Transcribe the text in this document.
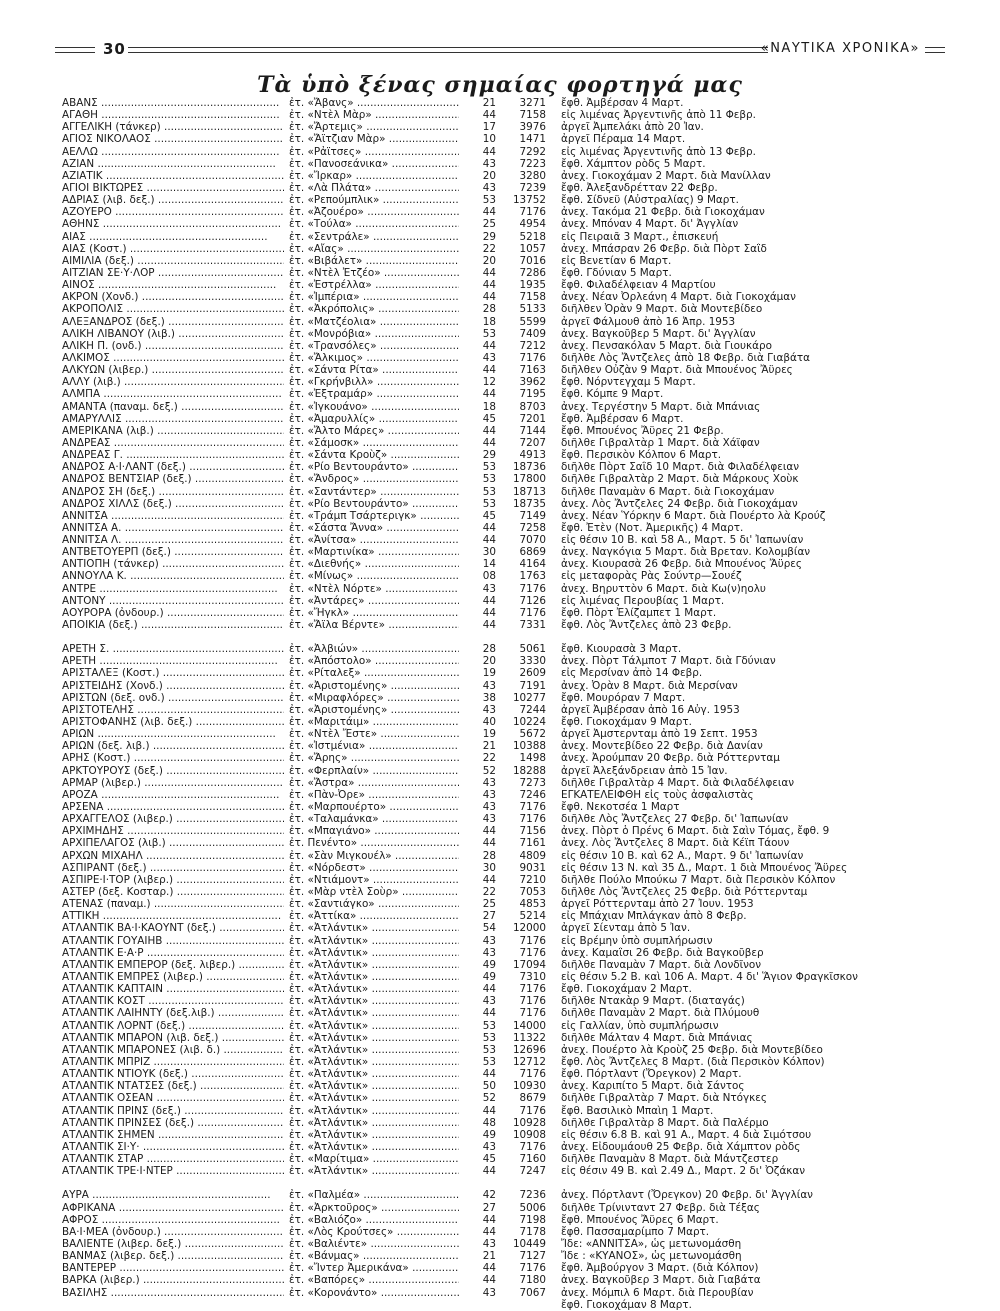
30	«ΝΑΥΤΙΚΑ ΧΡΟΝΙΚΑ»
Τὰ ὑπὸ ξένας σημαίας φορτηγά μας
ΑΒΑΝΣ .....	ἐτ. «Ἄβανς» .....	21	3271 ἔφθ. Ἀμβέρσαν 4 Μαρτ.
ΑΓΑΘΗ .....	ἐτ. «Ντὲλ Μὰρ» .....	44	7158 εἰς λιμένας Ἀργεντινῆς ἀπὸ 11 Φεβρ.
ΑΓΓΕΛΙΚΗ (τάνκερ) .....	ἐτ. «Ἄρτεμις» .....	17	3976 ἀργεῖ Ἀμπελάκι ἀπὸ 20 Ἰαν.
ΑΓΙΟΣ ΝΙΚΟΛΑΟΣ .....	ἐτ. «Ἄϊτζιαν Μὰρ» .....	10	1471 ἀργεῖ Πέραμα 14 Μαρτ.
ΑΕΛΛΩ .....	ἐτ. «Ρἀϊτσες» .....	44	7292 εἰς λιμένας Ἀργεντινῆς ἀπὸ 13 Φεβρ.
ΑΖΙΑΝ .....	ἐτ. «Πανοσεάνικα» .....	43	7223 ἔφθ. Χάμπτον ρὸδς 5 Μαρτ.
ΑΖΙΑΤΙΚ .....	ἐτ. «Ἴρκαρ» .....	20	3280 ἀνεχ. Γιοκοχάμαν 2 Μαρτ. διὰ Μανίλλαν
ΑΓΙΟΙ ΒΙΚΤΩΡΕΣ .....	ἐτ. «Λὰ Πλάτα» .....	43	7239 ἔφθ. Ἀλεξανδρέτταν 22 Φεβρ.
ΑΔΡΙΑΣ (λιβ. δεξ.) .....	ἐτ. «Ρεπούμπλικ» .....	53	13752 ἔφθ. Σίδνεϋ (Αὐστραλίας) 9 Μαρτ.
ΑΖΟΥΕΡΟ .....	ἐτ. «Ἀζουέρο» .....	44	7176 ἀνεχ. Τακόμα 21 Φεβρ. διὰ Γιοκοχάμαν
ΑΘΗΝΣ .....	ἐτ. «Τούλα» .....	25	4954 ἀνεχ. Μπόναν 4 Μαρτ. δι' Ἀγγλίαν
ΑΙΑΣ .....	ἐτ. «Σεντράλε» .....	29	5218 εἰς Πειραιᾶ 3 Μαρτ., ἐπισκευή
ΑΙΑΣ (Κοστ.) .....	ἐτ. «Αἴας» .....	22	1057 ἀνεχ. Μπάσραν 26 Φεβρ. διὰ Πὸρτ Σαΐδ
ΑΙΜΙΛΙΑ (δεξ.) .....	ἐτ. «Βιβάλετ» .....	20	7016 εἰς Βενετίαν 6 Μαρτ.
ΑΙΤΖΙΑΝ ΣΕ·Υ·ΛΟΡ .....	ἐτ. «Ντὲλ Ἐτζέο» .....	44	7286 ἔφθ. Γδύνιαν 5 Μαρτ.
ΑΙΝΟΣ .....	ἐτ. «Ἐστρέλλα» .....	44	1935 ἔφθ. Φιλαδέλφειαν 4 Μαρτίου
ΑΚΡΟΝ (Χονδ.) .....	ἐτ. «Ἰμπέρια» .....	44	7158 ἀνεχ. Νέαν Ὀρλεάνη 4 Μαρτ. διὰ Γιοκοχάμαν
ΑΚΡΟΠΟΛΙΣ .....	ἐτ. «Ἀκρόπολις» .....	28	5133 διῆλθεν Ὀρὰν 9 Μαρτ. διὰ Μοντεβίδεο
ΑΛΕΞΑΝΔΡΟΣ (δεξ.) .....	ἐτ. «Ματζέολια» .....	18	5599 ἀργεῖ Φάλμουθ ἀπὸ 16 Ἀπρ. 1953
ΑΛΙΚΗ ΛΙΒΑΝΟΥ (λιβ.) .....	ἐτ. «Μονρόβια» .....	53	7409 ἀνεχ. Βαγκοῦβερ 5 Μαρτ. δι' Ἀγγλίαν
ΑΛΙΚΗ Π. (ονδ.) .....	ἐτ. «Τρανσόλες» .....	44	7212 ἀνεχ. Πενσακόλαν 5 Μαρτ. διὰ Γιουκάρο
ΑΛΚΙΜΟΣ .....	ἐτ. «Ἄλκιμος» .....	43	7176 διῆλθε Λὸς Ἄντζελες ἀπὸ 18 Φεβρ. διὰ Γιαβάτα
ΑΛΚΥΩΝ (λιβερ.) .....	ἐτ. «Σάντα Ρίτα» .....	44	7163 διῆλθεν Οὐζὰν 9 Μαρτ. διὰ Μπουένος Ἄϋρες
ΑΛΛΥ (λιβ.) .....	ἐτ. «Γκρήνβιλλ» .....	12	3962 ἔφθ. Νόρντεγχαμ 5 Μαρτ.
ΑΛΜΠΑ .....	ἐτ. «Ἐξτραμάρ» .....	44	7195 ἔφθ. Κόμπε 9 Μαρτ.
ΑΜΑΝΤΑ (παναμ. δεξ.) .....	ἐτ. «Ἰγκουάνο» .....	18	8703 ἀνεχ. Τεργέστην 5 Μαρτ. διὰ Μπάνιας
ΑΜΑΡΥΛΛΙΣ .....	ἐτ. «Ἀμαρυλλίς» .....	45	7201 ἔφθ. Ἀμβέρσαν 6 Μαρτ.
ΑΜΕΡΙΚΑΝΑ (λιβ.) .....	ἐτ. «Ἄλτο Μάρες» .....	44	7144 ἔφθ. Μπουένος Ἄϋρες 21 Φεβρ.
ΑΝΔΡΕΑΣ .....	ἐτ. «Σάμοσκ» .....	44	7207 διῆλθε Γιβραλτὰρ 1 Μαρτ. διὰ Χάϊφαν
ΑΝΔΡΕΑΣ Γ. .....	ἐτ. «Σάντα Κροὺζ» .....	29	4913 ἔφθ. Περσικὸν Κόλπον 6 Μαρτ.
ΑΝΔΡΟΣ Α·Ι·ΛΑΝΤ (δεξ.) .....	ἐτ. «Ρίο Βεντουράντο» .....	53	18736 διῆλθε Πὸρτ Σαΐδ 10 Μαρτ. διὰ Φιλαδέλφειαν
ΑΝΔΡΟΣ ΒΕΝΤΣΙΑΡ (δεξ.) .....	ἐτ. «Ἄνδρος» .....	53	17800 διῆλθε Γιβραλτὰρ 2 Μαρτ. διὰ Μάρκους Χοὺκ
ΑΝΔΡΟΣ ΣΗ (δεξ.) .....	ἐτ. «Σαντάντερ» .....	53	18713 διῆλθε Παναμὰν 6 Μαρτ. διὰ Γιοκοχάμαν
ΑΝΔΡΟΣ ΧΙΛΛΣ (δεξ.) .....	ἐτ. «Ρίο Βεντουράντο» .....	53	18735 ἀνεχ. Λὸς Ἄντζελες 24 Φεβρ. διὰ Γιοκοχάμαν
ΑΝΝΙΤΣΑ .....	ἐτ. «Τράμπ Τσάρτεριγκ» .....	45	7149 ἀνεχ. Νέαν Ὑόρκην 6 Μαρτ. διὰ Πουέρτο λὰ Κρούζ
ΑΝΝΙΤΣΑ Α. .....	ἐτ. «Σάστα Ἄννα» .....	44	7258 ἔφθ. Ἐτὲν (Νοτ. Ἀμερικῆς) 4 Μαρτ.
ΑΝΝΙΤΣΑ Λ. .....	ἐτ. «Ἀνίτσα» .....	44	7070 εἰς θέσιν 10 Β. καὶ 58 Α., Μαρτ. 5 δι' Ἰαπωνίαν
ΑΝΤΒΕΤΟΥΕΡΠ (δεξ.) .....	ἐτ. «Μαρτινίκα» .....	30	6869 ἀνεχ. Ναγκόγια 5 Μαρτ. διὰ Βρεταν. Κολομβίαν
ΑΝΤΙΟΠΗ (τάνκερ) .....	ἐτ. «Διεθνής» .....	14	4164 ἀνεχ. Κιουρασὰ 26 Φεβρ. διὰ Μπουένος Ἄϋρες
ΑΝΝΟΥΛΑ Κ. .....	ἐτ. «Μίνως» .....	08	1763 εἰς μεταφορὰς Ρὰς Σούντρ—Σουέζ
ΑΝΤΡΕ .....	ἐτ. «Ντὲλ Νόρτε» .....	43	7176 ἀνεχ. Βηρυττὸν 6 Μαρτ. διὰ Κω(ν)ηολυ
ΑΝΤΟΝΥ .....	ἐτ. «Ἀντάρες» .....	44	7126 εἰς λιμένας Περουβίας 1 Μαρτ.
ΑΟΥΡΟΡΑ (ὀνδουρ.) .....	ἐτ. «Ἤγκλ» .....	44	7176 ἔφθ. Πὸρτ Ἐλίζαμπετ 1 Μαρτ.
ΑΠΟΙΚΙΑ (δεξ.) .....	ἐτ. «Ἄϊλα Βέρντε» .....	44	7331 ἔφθ. Λὸς Ἄντζελες ἀπὸ 23 Φεβρ.
ΑΡΕΤΗ Σ. .....	ἐτ. «Ἀλβιών» .....	28	5061 ἔφθ. Κιουρασὰ 3 Μαρτ.
ΑΡΕΤΗ .....	ἐτ. «Ἀπόστολο» .....	20	3330 ἀνεχ. Πὸρτ Τάλμποτ 7 Μαρτ. διὰ Γδύνιαν
ΑΡΙΣΤΑΛΕΞ (Κοστ.) .....	ἐτ. «Ρίταλεξ» .....	19	2609 εἰς Μερσίναν ἀπὸ 14 Φεβρ.
ΑΡΙΣΤΕΙΔΗΣ (Χονδ.) .....	ἐτ. «Ἀριστομένης» .....	43	7191 ἀνεχ. Ὀρὰν 8 Μαρτ. διὰ Μερσίναν
ΑΡΙΣΤΩΝ (δεξ. ονδ.) .....	ἐτ. «Μιραφλόρες» .....	38	10277 ἔφθ. Μουρόραν 7 Μαρτ.
ΑΡΙΣΤΟΤΕΛΗΣ .....	ἐτ. «Ἀριστομένης» .....	43	7244 ἀργεῖ Ἀμβέρσαν ἀπὸ 16 Αὐγ. 1953
ΑΡΙΣΤΟΦΑΝΗΣ (λιβ. δεξ.) .....	ἐτ. «Μαριτάιμ» .....	40	10224 ἔφθ. Γιοκοχάμαν 9 Μαρτ.
ΑΡΙΩΝ .....	ἐτ. «Ντὲλ Ἔστε» .....	19	5672 ἀργεῖ Ἀμστερνταμ ἀπὸ 19 Σεπτ. 1953
ΑΡΙΩΝ (δεξ. λιβ.) .....	ἐτ. «Ἰστμένια» .....	21	10388 ἀνεχ. Μοντεβίδεο 22 Φεβρ. διὰ Δανίαν
ΑΡΗΣ (Κοστ.) .....	ἐτ. «Ἄρης» .....	22	1498 ἀνεχ. Ἀρούμπαν 20 Φεβρ. διὰ Ρόττερνταμ
ΑΡΚΤΟΥΡΟΥΣ (δεξ.) .....	ἐτ. «Φερπλαίν» .....	52	18288 ἀργεῖ Ἀλεξάνδρειαν ἀπὸ 15 Ἰαν.
ΑΡΜΑΡ (λιβερ.) .....	ἐτ. «Ἄστρα» .....	43	7273 διῆλθε Γιβραλτὰρ 4 Μαρτ. διὰ Φιλαδέλφειαν
ΑΡΟΖΑ .....	ἐτ. «Πὰν-Ὀρε» .....	43	7246 ΕΓΚΑΤΕΛΕΙΦΘΗ εἰς τοὺς ἀσφαλιστὰς
ΑΡΣΕΝΑ .....	ἐτ. «Μαρπουέρτο» .....	43	7176 ἔφθ. Νεκοτσέα 1 Μαρτ
ΑΡΧΑΓΓΕΛΟΣ (λιβερ.) .....	ἐτ. «Ταλαμάνκα» .....	43	7176 διῆλθε Λὸς Ἄντζελες 27 Φεβρ. δι' Ἰαπωνίαν
ΑΡΧΙΜΗΔΗΣ .....	ἐτ. «Μπαγιάνο» .....	44	7156 ἀνεχ. Πὸρτ ὁ Πρένς 6 Μαρτ. διὰ Σαὶν Τόμας, ἔφθ. 9
ΑΡΧΙΠΕΛΑΓΟΣ (λιβ.) .....	ἐτ. Πενέντο» .....	44	7161 ἀνεχ. Λὸς Ἄντζελες 8 Μαρτ. διὰ Κέϊπ Τάουν
ΑΡΧΩΝ ΜΙΧΑΗΛ .....	ἐτ. «Σὰν Μιγκουέλ» .....	28	4809 εἰς θέσιν 10 Β. καὶ 62 Α., Μαρτ. 9 δι' Ἰαπωνίαν
ΑΣΠΙΡΑΝΤ (δεξ.) .....	ἐτ. «Νόρδεστ» .....	30	9031 εἰς θέσιν 13 Ν. καὶ 35 Δ., Μαρτ. 1 διὰ Μπουένος Ἄϋρες
ΑΣΠΙΡΕ·Ι·ΤΟΡ (λιβερ.) .....	ἐτ. «Ντιάμοντ» .....	44	7210 διῆλθε Πούλο Μπούκω 7 Μαρτ. διὰ Περσικὸν Κόλπον
ΑΣΤΕΡ (δεξ. Κοσταρ.) .....	ἐτ. «Μὰρ ντὲλ Σοὺρ» .....	22	7053 διῆλθε Λὸς Ἄντζελες 25 Φεβρ. διὰ Ρόττερνταμ
ΑΤΕΝΑΣ (παναμ.) .....	ἐτ. «Σαντιάγκο» .....	25	4853 ἀργεῖ Ρόττερνταμ ἀπὸ 27 Ἰουν. 1953
ΑΤΤΙΚΗ .....	ἐτ. «Ἀττίκα» .....	27	5214 εἰς Μπάχιαν Μπλάγκαν ἀπὸ 8 Φεβρ.
ΑΤΛΑΝΤΙΚ ΒΑ·Ι·ΚΑΟΥΝΤ (δεξ.) .....	ἐτ. «Ἀτλάντικ» .....	54	12000 ἀργεῖ Σίενταμ ἀπὸ 5 Ἰαν.
ΑΤΛΑΝΤΙΚ ΓΟΥΑΙΗΒ .....	ἐτ. «Ἀτλάντικ» .....	43	7176 εἰς Βρέμην ὑπὸ συμπλήρωσιν
ΑΤΛΑΝΤΙΚ Ε·Α·Ρ .....	ἐτ. «Ἀτλάντικ» .....	43	7176 ἀνεχ. Καμαΐσι 26 Φεβρ. διὰ Βαγκοῦβερ
ΑΤΛΑΝΤΙΚ ΕΜΠΕΡΟΡ (δεξ. λιβερ.) .....	ἐτ. «Ἀτλάντικ» .....	49	17094 διῆλθε Παναμὰν 7 Μαρτ. διὰ Λονδῖνον
ΑΤΛΑΝΤΙΚ ΕΜΠΡΕΣ (λιβερ.) .....	ἐτ. «Ἀτλάντικ» .....	49	7310 εἰς θέσιν 5.2 Β. καὶ 106 Α. Μαρτ. 4 δι' Ἅγιον Φραγκῖσκον
ΑΤΛΑΝΤΙΚ ΚΑΠΤΑΙΝ .....	ἐτ. «Ἀτλάντικ» .....	44	7176 ἔφθ. Γιοκοχάμαν 2 Μαρτ.
ΑΤΛΑΝΤΙΚ ΚΟΣΤ .....	ἐτ. «Ἀτλάντικ» .....	43	7176 διῆλθε Ντακὰρ 9 Μαρτ. (διαταγάς)
ΑΤΛΑΝΤΙΚ ΛΑΙΗΝΤΥ (δεξ.λιβ.) .....	ἐτ. «Ἀτλάντικ» .....	44	7176 διῆλθε Παναμὰν 2 Μαρτ. διὰ Πλύμουθ
ΑΤΛΑΝΤΙΚ ΛΟΡΝΤ (δεξ.) .....	ἐτ. «Ἀτλάντικ» .....	53	14000 εἰς Γαλλίαν, ὑπὸ συμπλήρωσιν
ΑΤΛΑΝΤΙΚ ΜΠΑΡΟΝ (λιβ. δεξ.) .....	ἐτ. «Ἀτλάντικ» .....	53	11322 διῆλθε Μάλταν 4 Μαρτ. διὰ Μπάνιας
ΑΤΛΑΝΤΙΚ ΜΠΑΡΟΝΕΣ (λιβ. δ.) .....	ἐτ. «Ἀτλάντικ» .....	53	12696 ἀνεχ. Πουέρτο λὰ Κροὺζ 25 Φεβρ. διὰ Μοντεβίδεο
ΑΤΛΑΝΤΙΚ ΜΠΡΙΖ .....	ἐτ. «Ἀτλάντικ» .....	53	12712 ἔφθ. Λὸς Ἄντζελες 8 Μαρτ. (διὰ Περσικὸν Κόλπον)
ΑΤΛΑΝΤΙΚ ΝΤΙΟΥΚ (δεξ.) .....	ἐτ. «Ἀτλάντικ» .....	44	7176 ἔφθ. Πόρτλαντ (Ὄρεγκον) 2 Μαρτ.
ΑΤΛΑΝΤΙΚ ΝΤΑΤΣΕΣ (δεξ.) .....	ἐτ. «Ἀτλάντικ» .....	50	10930 ἀνεχ. Καριπίτο 5 Μαρτ. διὰ Σάντος
ΑΤΛΑΝΤΙΚ ΟΣΕΑΝ .....	ἐτ. «Ἀτλάντικ» .....	52	8679 διῆλθε Γιβραλτὰρ 7 Μαρτ. διὰ Ντόγκες
ΑΤΛΑΝΤΙΚ ΠΡΙΝΣ (δεξ.) .....	ἐτ. «Ἀτλάντικ» .....	44	7176 ἔφθ. Βασιλικὸ Μπαὶη 1 Μαρτ.
ΑΤΛΑΝΤΙΚ ΠΡΙΝΣΕΣ (δεξ.) .....	ἐτ. «Ἀτλάντικ» .....	48	10928 διῆλθε Γιβραλτὰρ 8 Μαρτ. διὰ Παλέρμο
ΑΤΛΑΝΤΙΚ ΣΗΜΕΝ .....	ἐτ. «Ἀτλάντικ» .....	49	10908 εἰς θέσιν 6.8 Β. καὶ 91 Α., Μαρτ. 4 διὰ Σιμότσου
ΑΤΛΑΝΤΙΚ ΣΙ·Υ· .....	ἐτ. «Ἀτλάντικ» .....	43	7176 ἀνεχ. Εἰδουμάουθ 25 Φεβρ. διὰ Χάμπτον ρὸδς
ΑΤΛΑΝΤΙΚ ΣΤΑΡ .....	ἐτ. «Μαρίτιμα» .....	45	7160 διῆλθε Παναμὰν 8 Μαρτ. διὰ Μάντζεστερ
ΑΤΛΑΝΤΙΚ ΤΡΕ·Ι·ΝΤΕΡ .....	ἐτ. «Ἀτλάντικ» .....	44	7247 εἰς θέσιν 49 Β. καὶ 2.49 Δ., Μαρτ. 2 δι' Ὀζάκαν
ΑΥΡΑ .....	ἐτ. «Παλμέα» .....	42	7236 ἀνεχ. Πόρτλαντ (Ὄρεγκον) 20 Φεβρ. δι' Ἀγγλίαν
ΑΦΡΙΚΑΝΑ .....	ἐτ. «Ἀρκτοῦρος» .....	27	5006 διῆλθε Τρίνινταντ 27 Φεβρ. διὰ Τέξας
ΑΦΡΟΣ .....	ἐτ. «Βαλιόζο» .....	44	7198 ἔφθ. Μπουένος Ἄϋρες 6 Μαρτ.
ΒΑ·Ι·ΜΕΑ (ὀνδουρ.) .....	ἐτ. «Λὸς Κρούτσες» .....	44	7178 ἔφθ. Πασσαμαρίμπο 7 Μαρτ.
ΒΑΛΙΕΝΤΕ (λιβερ. δεξ.) .....	ἐτ. «Βαλιέντε» .....	43	10449 Ἴδε: «ΑΝΝΙΤΣΑ», ὡς μετωνομάσθη
ΒΑΝΜΑΣ (λιβερ. δεξ.) .....	ἐτ. «Βάνμας» .....	21	7127 Ἴδε : «ΚΥΑΝΟΣ», ὡς μετωνομάσθη
ΒΑΝΤΕΡΕΡ .....	ἐτ. «Ἴντερ Ἀμερικάνα» .....	44	7176 ἔφθ. Ἀμβούργον 3 Μαρτ. (διὰ Κόλπον)
ΒΑΡΚΑ (λιβερ.) .....	ἐτ. «Βαπόρες» .....	44	7180 ἀνεχ. Βαγκοῦβερ 3 Μαρτ. διὰ Γιαβάτα
ΒΑΣΙΛΗΣ .....	ἐτ. «Κορονάντο» .....	43	7067 ἀνεχ. Μόμπιλ 6 Μαρτ. διὰ Περουβίαν
ἔφθ. Γιοκοχάμαν 8 Μαρτ.
